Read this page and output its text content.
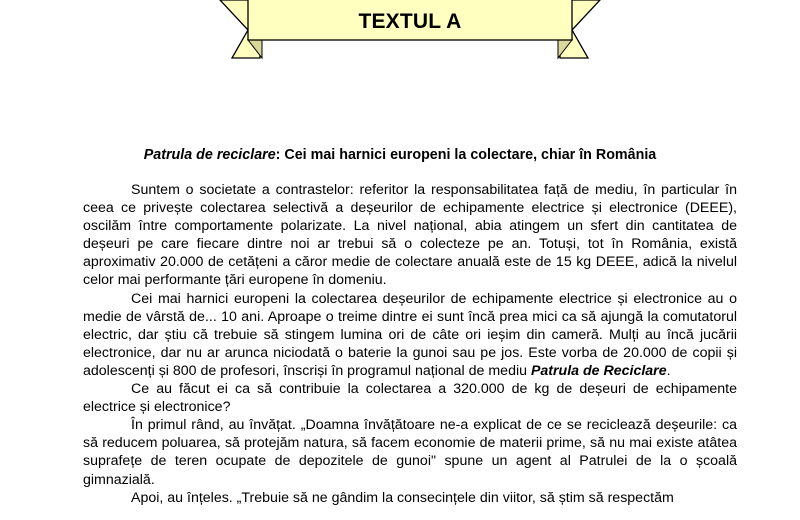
TEXTUL A
Patrula de reciclare: Cei mai harnici europeni la colectare, chiar în România

Suntem o societate a contrastelor: referitor la responsabilitatea față de mediu, în particular în ceea ce privește colectarea selectivă a deșeurilor de echipamente electrice și electronice (DEEE), oscilăm între comportamente polarizate. La nivel național, abia atingem un sfert din cantitatea de deșeuri pe care fiecare dintre noi ar trebui să o colecteze pe an. Totuși, tot în România, există aproximativ 20.000 de cetățeni a căror medie de colectare anuală este de 15 kg DEEE, adică la nivelul celor mai performante țări europene în domeniu.

Cei mai harnici europeni la colectarea deșeurilor de echipamente electrice și electronice au o medie de vârstă de... 10 ani. Aproape o treime dintre ei sunt încă prea mici ca să ajungă la comutatorul electric, dar știu că trebuie să stingem lumina ori de câte ori ieșim din cameră. Mulți au încă jucării electronice, dar nu ar arunca niciodată o baterie la gunoi sau pe jos. Este vorba de 20.000 de copii și adolescenți și 800 de profesori, înscriși în programul național de mediu Patrula de Reciclare.

Ce au făcut ei ca să contribuie la colectarea a 320.000 de kg de deșeuri de echipamente electrice și electronice?

În primul rând, au învățat. „Doamna învățătoare ne-a explicat de ce se reciclează deșeurile: ca să reducem poluarea, să protejăm natura, să facem economie de materii prime, să nu mai existe atâtea suprafețe de teren ocupate de depozitele de gunoi" spune un agent al Patrulei de la o școală gimnazială.

Apoi, au înțeles. „Trebuie să ne gândim la consecințele din viitor, să știm să respectăm
